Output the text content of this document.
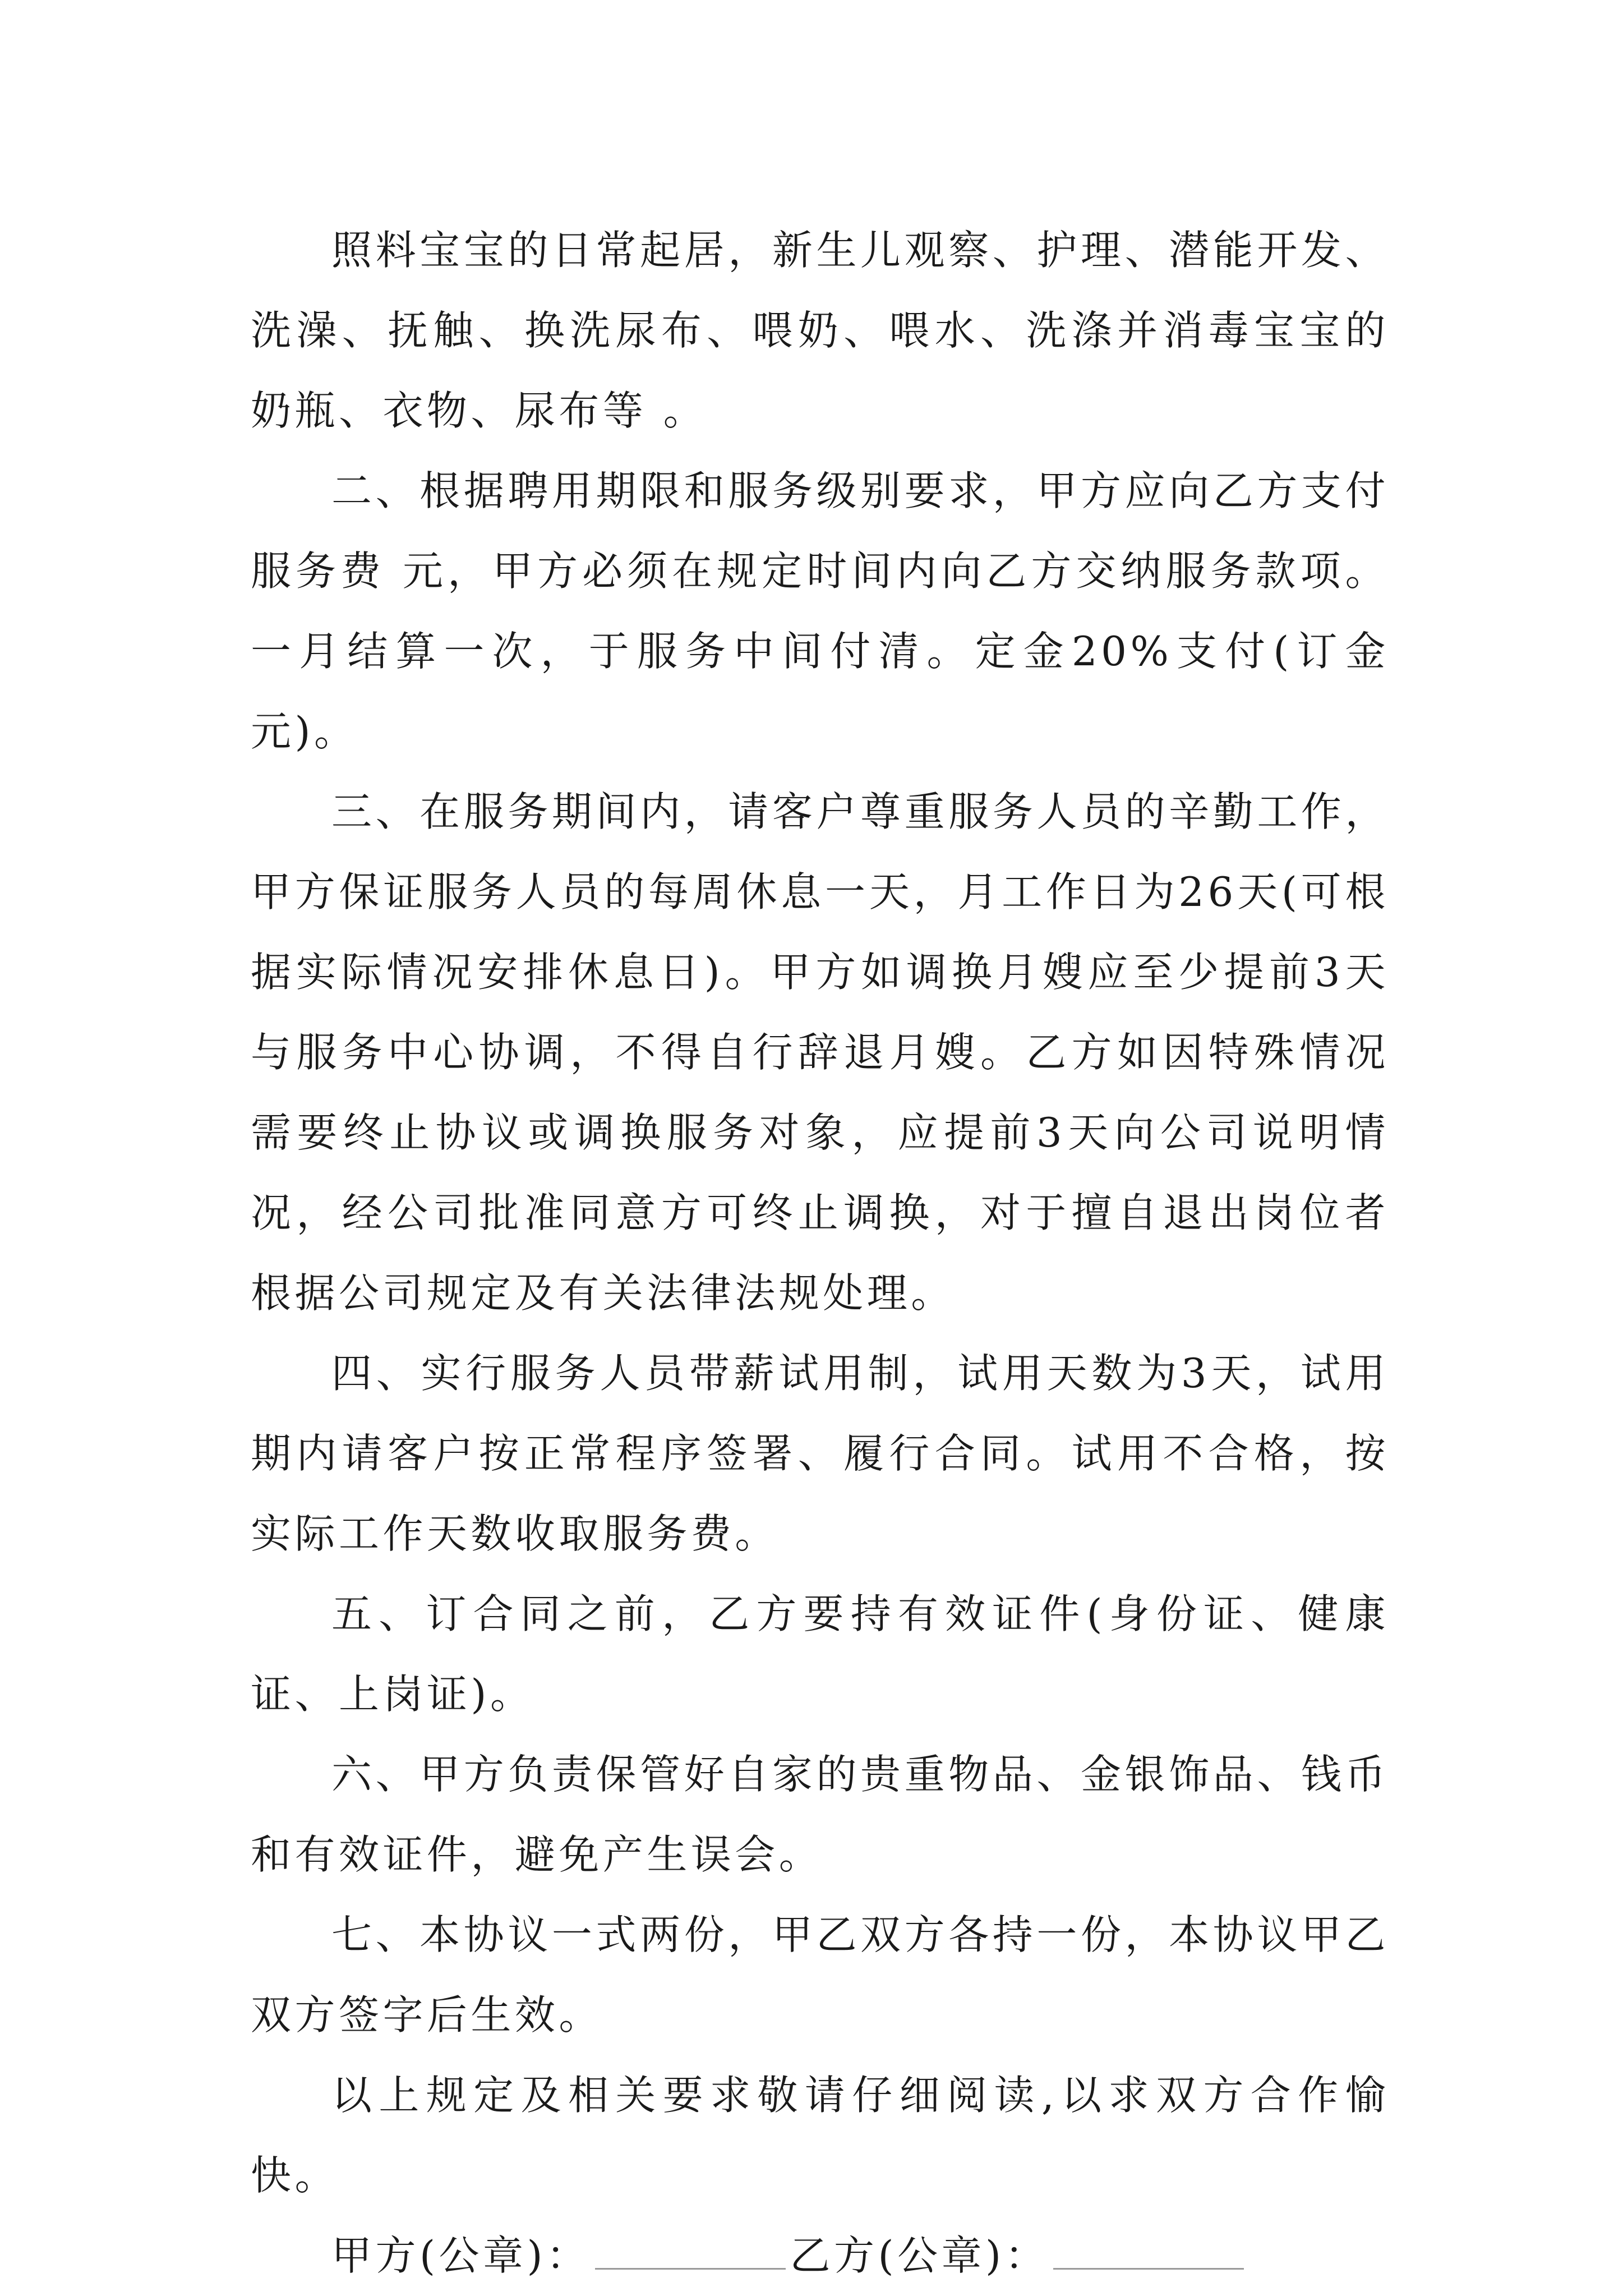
照料宝宝的日常起居，新生儿观察、护理、潜能开发、洗澡、抚触、换洗尿布、喂奶、喂水、洗涤并消毒宝宝的奶瓶、衣物、尿布等 。

二、根据聘用期限和服务级别要求，甲方应向乙方支付服务费 元，甲方必须在规定时间内向乙方交纳服务款项。一月结算一次，于服务中间付清。定金20%支付(订金 元)。

三、在服务期间内，请客户尊重服务人员的辛勤工作，甲方保证服务人员的每周休息一天，月工作日为26天(可根据实际情况安排休息日)。甲方如调换月嫂应至少提前3天与服务中心协调，不得自行辞退月嫂。乙方如因特殊情况需要终止协议或调换服务对象，应提前3天向公司说明情况，经公司批准同意方可终止调换，对于擅自退出岗位者根据公司规定及有关法律法规处理。

四、实行服务人员带薪试用制，试用天数为3天，试用期内请客户按正常程序签署、履行合同。试用不合格，按实际工作天数收取服务费。

五、订合同之前，乙方要持有效证件(身份证、健康证、上岗证)。

六、甲方负责保管好自家的贵重物品、金银饰品、钱币和有效证件，避免产生误会。

七、本协议一式两份，甲乙双方各持一份，本协议甲乙双方签字后生效。

以上规定及相关要求敬请仔细阅读,以求双方合作愉快。

甲方(公章)：	乙方(公章)：
